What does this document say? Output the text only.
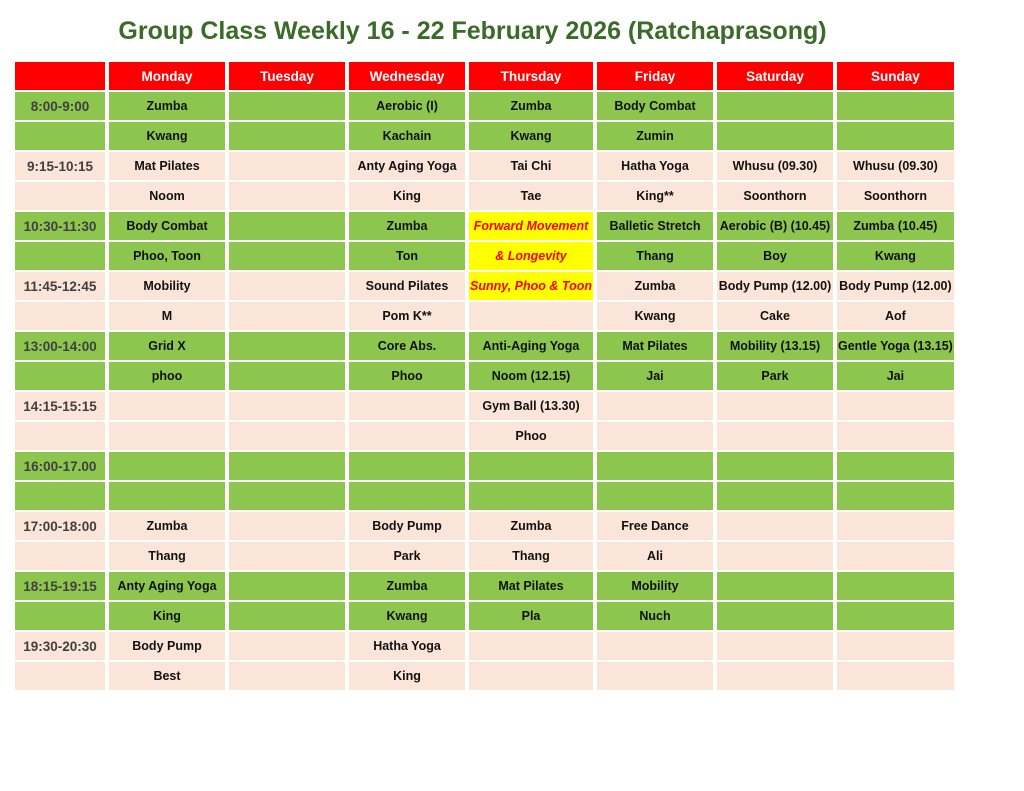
Group Class Weekly 16 - 22 February 2026 (Ratchaprasong)
	Monday	Tuesday	Wednesday	Thursday	Friday	Saturday	Sunday
8:00-9:00	Zumba		Aerobic (I)	Zumba	Body Combat		
	Kwang		Kachain	Kwang	Zumin		
9:15-10:15	Mat Pilates		Anty Aging Yoga	Tai Chi	Hatha Yoga	Whusu (09.30)	Whusu (09.30)
	Noom		King	Tae	King**	Soonthorn	Soonthorn
10:30-11:30	Body Combat		Zumba	Forward Movement	Balletic Stretch	Aerobic (B) (10.45)	Zumba (10.45)
	Phoo, Toon		Ton	& Longevity	Thang	Boy	Kwang
11:45-12:45	Mobility		Sound Pilates	Sunny, Phoo & Toon	Zumba	Body Pump (12.00)	Body Pump (12.00)
	M		Pom K**		Kwang	Cake	Aof
13:00-14:00	Grid X		Core Abs.	Anti-Aging Yoga	Mat Pilates	Mobility (13.15)	Gentle Yoga (13.15)
	phoo		Phoo	Noom (12.15)	Jai	Park	Jai
14:15-15:15				Gym Ball (13.30)			
				Phoo			
16:00-17.00							

17:00-18:00	Zumba		Body Pump	Zumba	Free Dance		
	Thang		Park	Thang	Ali		
18:15-19:15	Anty Aging Yoga		Zumba	Mat Pilates	Mobility		
	King		Kwang	Pla	Nuch		
19:30-20:30	Body Pump		Hatha Yoga				
	Best		King				
